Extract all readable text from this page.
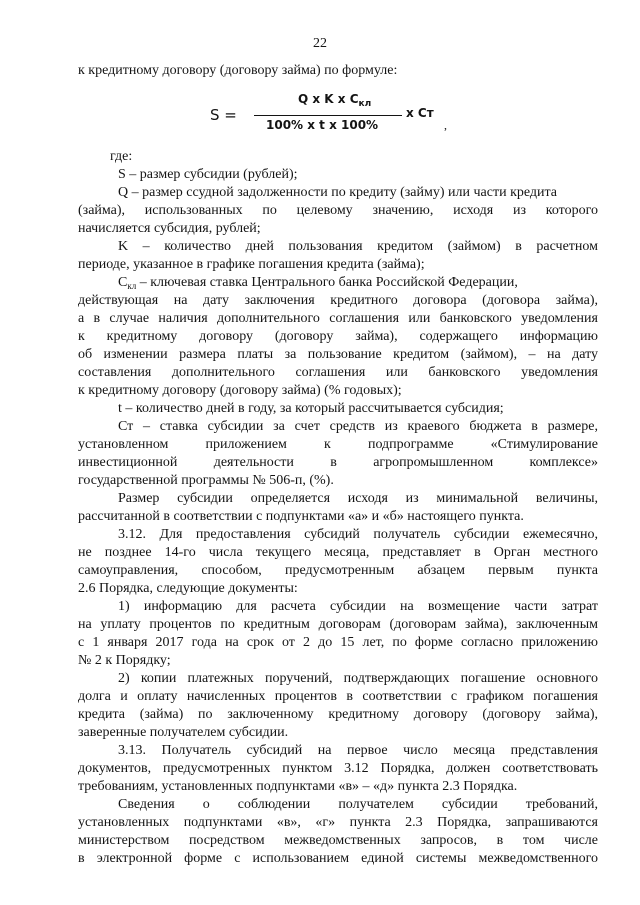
22
к кредитному договору (договору займа) по формуле:
S =
Q x K x $C_{кл}$
100% x t x 100%
x Ст
,
где:
S – размер субсидии (рублей);
Q – размер ссудной задолженности по кредиту (займу) или части кредита
(займа), использованных по целевому значению, исходя из которого
начисляется субсидия, рублей;
K – количество дней пользования кредитом (займом) в расчетном
периоде, указанное в графике погашения кредита (займа);
$С_{кл}$ – ключевая ставка Центрального банка Российской Федерации,
действующая на дату заключения кредитного договора (договора займа),
а в случае наличия дополнительного соглашения или банковского уведомления
к кредитному договору (договору займа), содержащего информацию
об изменении размера платы за пользование кредитом (займом), – на дату
составления дополнительного соглашения или банковского уведомления
к кредитному договору (договору займа) (% годовых);
t – количество дней в году, за который рассчитывается субсидия;
Ст – ставка субсидии за счет средств из краевого бюджета в размере,
установленном приложением к подпрограмме «Стимулирование
инвестиционной деятельности в агропромышленном комплексе»
государственной программы № 506-п, (%).
Размер субсидии определяется исходя из минимальной величины,
рассчитанной в соответствии с подпунктами «а» и «б» настоящего пункта.
3.12. Для предоставления субсидий получатель субсидии ежемесячно,
не позднее 14-го числа текущего месяца, представляет в Орган местного
самоуправления, способом, предусмотренным абзацем первым пункта
2.6 Порядка, следующие документы:
1) информацию для расчета субсидии на возмещение части затрат
на уплату процентов по кредитным договорам (договорам займа), заключенным
с 1 января 2017 года на срок от 2 до 15 лет, по форме согласно приложению
№ 2 к Порядку;
2) копии платежных поручений, подтверждающих погашение основного
долга и оплату начисленных процентов в соответствии с графиком погашения
кредита (займа) по заключенному кредитному договору (договору займа),
заверенные получателем субсидии.
3.13. Получатель субсидий на первое число месяца представления
документов, предусмотренных пунктом 3.12 Порядка, должен соответствовать
требованиям, установленных подпунктами «в» – «д» пункта 2.3 Порядка.
Сведения о соблюдении получателем субсидии требований,
установленных подпунктами «в», «г» пункта 2.3 Порядка, запрашиваются
министерством посредством межведомственных запросов, в том числе
в электронной форме с использованием единой системы межведомственного
